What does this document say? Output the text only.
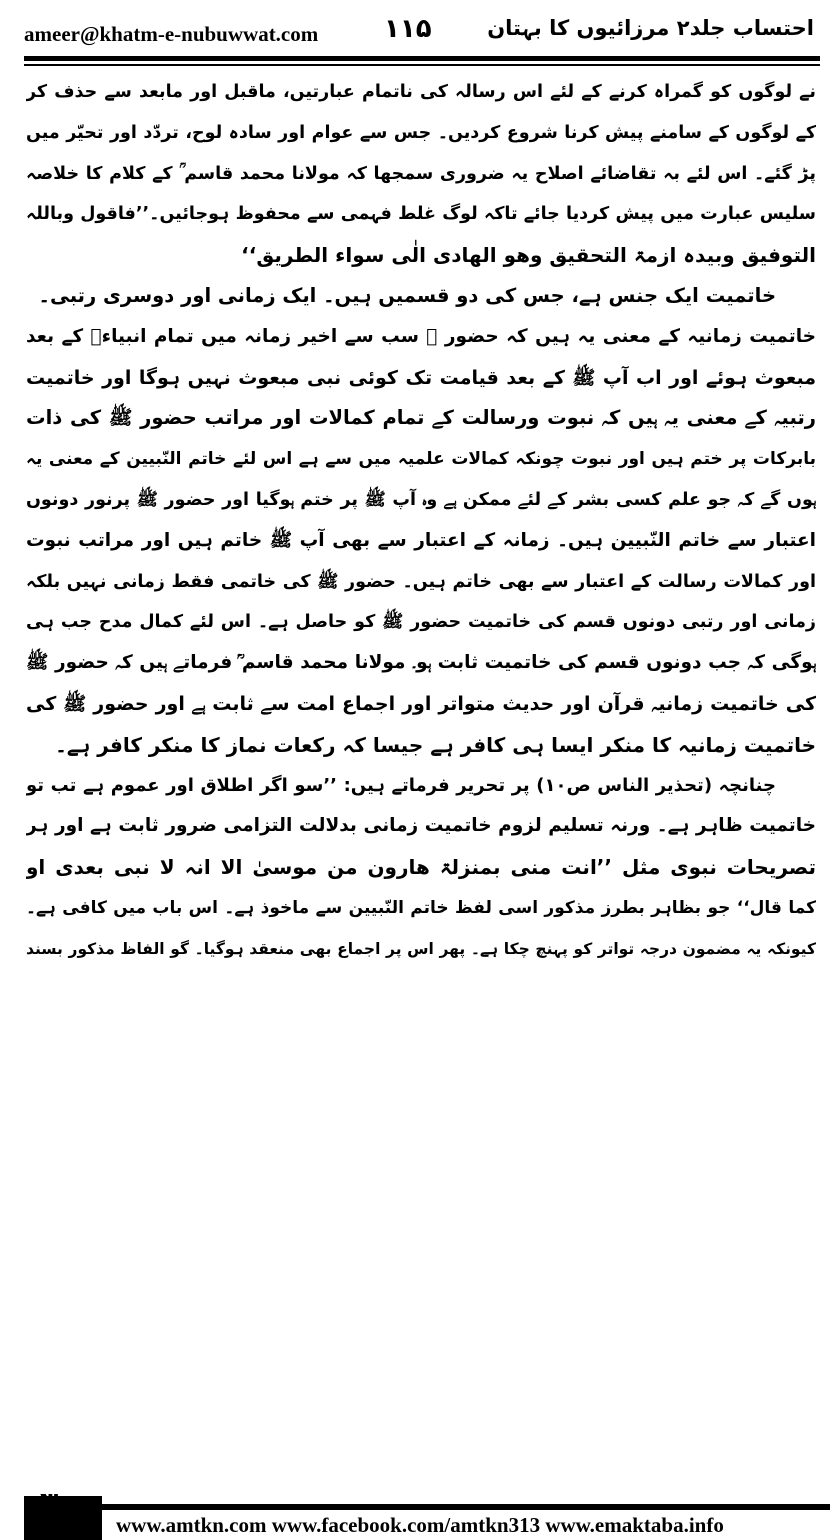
ameer@khatm-e-nubuwwat.com	۱۱۵	احتساب جلد۲ مرزائیوں کا بہتان
نے لوگوں کو گمراہ کرنے کے لئے اس رسالہ کی ناتمام عبارتیں، ماقبل اور مابعد سے حذف کر
کے لوگوں کے سامنے پیش کرنا شروع کردیں۔ جس سے عوام اور سادہ لوح، تردّد اور تحیّر میں
پڑ گئے۔ اس لئے بہ تقاضائے اصلاح یہ ضروری سمجھا کہ مولانا محمد قاسم ؒ کے کلام کا خلاصہ
سلیس عبارت میں پیش کردیا جائے تاکہ لوگ غلط فہمی سے محفوظ ہوجائیں۔’’فاقول وباللہ
التوفیق وبیدہ ازمۃ التحقیق وھو الھادی الٰی سواء الطریق‘‘
خاتمیت ایک جنس ہے، جس کی دو قسمیں ہیں۔ ایک زمانی اور دوسری رتبی۔
خاتمیت زمانیہ کے معنی یہ ہیں کہ حضور ﷺ سب سے اخیر زمانہ میں تمام انبیاءؑ کے بعد
مبعوث ہوئے اور اب آپ ﷺ کے بعد قیامت تک کوئی نبی مبعوث نہیں ہوگا اور خاتمیت
رتبیہ کے معنی یہ ہیں کہ نبوت ورسالت کے تمام کمالات اور مراتب حضور ﷺ کی ذات
بابرکات پر ختم ہیں اور نبوت چونکہ کمالات علمیہ میں سے ہے اس لئے خاتم النّبیین کے معنی یہ
ہوں گے کہ جو علم کسی بشر کے لئے ممکن ہے وہ آپ ﷺ پر ختم ہوگیا اور حضور ﷺ پرنور دونوں
اعتبار سے خاتم النّبیین ہیں۔ زمانہ کے اعتبار سے بھی آپ ﷺ خاتم ہیں اور مراتب نبوت
اور کمالات رسالت کے اعتبار سے بھی خاتم ہیں۔ حضور ﷺ کی خاتمی فقط زمانی نہیں بلکہ
زمانی اور رتبی دونوں قسم کی خاتمیت حضور ﷺ کو حاصل ہے۔ اس لئے کمال مدح جب ہی
ہوگی کہ جب دونوں قسم کی خاتمیت ثابت ہو۔ مولانا محمد قاسم ؒ فرماتے ہیں کہ حضور ﷺ
کی خاتمیت زمانیہ قرآن اور حدیث متواتر اور اجماع امت سے ثابت ہے اور حضور ﷺ کی
خاتمیت زمانیہ کا منکر ایسا ہی کافر ہے جیسا کہ رکعات نماز کا منکر کافر ہے۔
چنانچہ (تحذیر الناس ص۱۰) پر تحریر فرماتے ہیں: ’’سو اگر اطلاق اور عموم ہے تب تو
خاتمیت ظاہر ہے۔ ورنہ تسلیم لزوم خاتمیت زمانی بدلالت التزامی ضرور ثابت ہے اور ہر
تصریحات نبوی مثل ’’انت منی بمنزلۃ ھارون من موسیٰ الا انہ لا نبی بعدی او
کما قال‘‘ جو بظاہر بطرز مذکور اسی لفظ خاتم النّبیین سے ماخوذ ہے۔ اس باب میں کافی ہے۔
کیونکہ یہ مضمون درجہ تواتر کو پہنچ چکا ہے۔ پھر اس پر اجماع بھی منعقد ہوگیا۔ گو الفاظ مذکور بسند
۳
www.amtkn.com www.facebook.com/amtkn313 www.emaktaba.info
